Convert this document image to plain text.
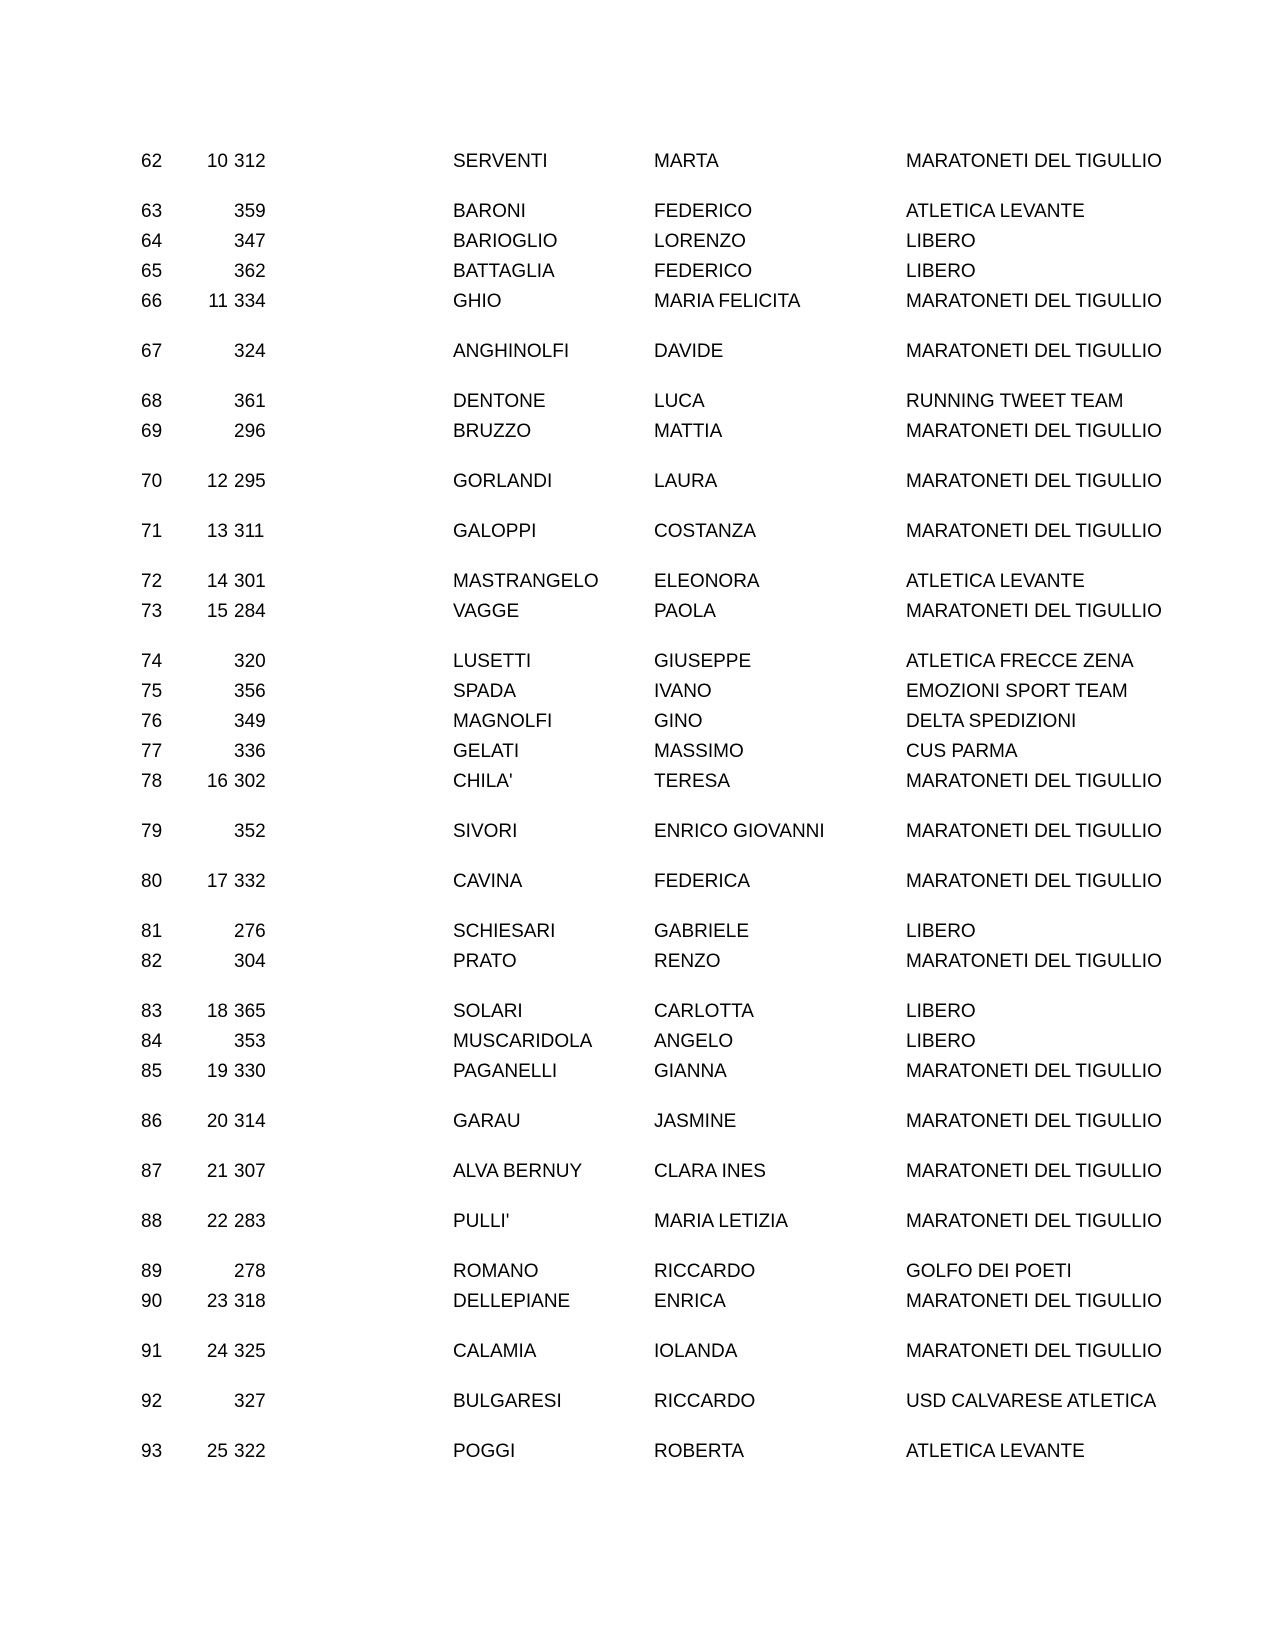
62	10 312	SERVENTI	MARTA	MARATONETI DEL TIGULLIO
63	359	BARONI	FEDERICO	ATLETICA LEVANTE
64	347	BARIOGLIO	LORENZO	LIBERO
65	362	BATTAGLIA	FEDERICO	LIBERO
66	11 334	GHIO	MARIA FELICITA	MARATONETI DEL TIGULLIO
67	324	ANGHINOLFI	DAVIDE	MARATONETI DEL TIGULLIO
68	361	DENTONE	LUCA	RUNNING TWEET TEAM
69	296	BRUZZO	MATTIA	MARATONETI DEL TIGULLIO
70	12 295	GORLANDI	LAURA	MARATONETI DEL TIGULLIO
71	13 311	GALOPPI	COSTANZA	MARATONETI DEL TIGULLIO
72	14 301	MASTRANGELO	ELEONORA	ATLETICA LEVANTE
73	15 284	VAGGE	PAOLA	MARATONETI DEL TIGULLIO
74	320	LUSETTI	GIUSEPPE	ATLETICA FRECCE ZENA
75	356	SPADA	IVANO	EMOZIONI SPORT TEAM
76	349	MAGNOLFI	GINO	DELTA SPEDIZIONI
77	336	GELATI	MASSIMO	CUS PARMA
78	16 302	CHILA'	TERESA	MARATONETI DEL TIGULLIO
79	352	SIVORI	ENRICO GIOVANNI	MARATONETI DEL TIGULLIO
80	17 332	CAVINA	FEDERICA	MARATONETI DEL TIGULLIO
81	276	SCHIESARI	GABRIELE	LIBERO
82	304	PRATO	RENZO	MARATONETI DEL TIGULLIO
83	18 365	SOLARI	CARLOTTA	LIBERO
84	353	MUSCARIDOLA	ANGELO	LIBERO
85	19 330	PAGANELLI	GIANNA	MARATONETI DEL TIGULLIO
86	20 314	GARAU	JASMINE	MARATONETI DEL TIGULLIO
87	21 307	ALVA BERNUY	CLARA INES	MARATONETI DEL TIGULLIO
88	22 283	PULLI'	MARIA LETIZIA	MARATONETI DEL TIGULLIO
89	278	ROMANO	RICCARDO	GOLFO DEI POETI
90	23 318	DELLEPIANE	ENRICA	MARATONETI DEL TIGULLIO
91	24 325	CALAMIA	IOLANDA	MARATONETI DEL TIGULLIO
92	327	BULGARESI	RICCARDO	USD CALVARESE ATLETICA
93	25 322	POGGI	ROBERTA	ATLETICA LEVANTE
